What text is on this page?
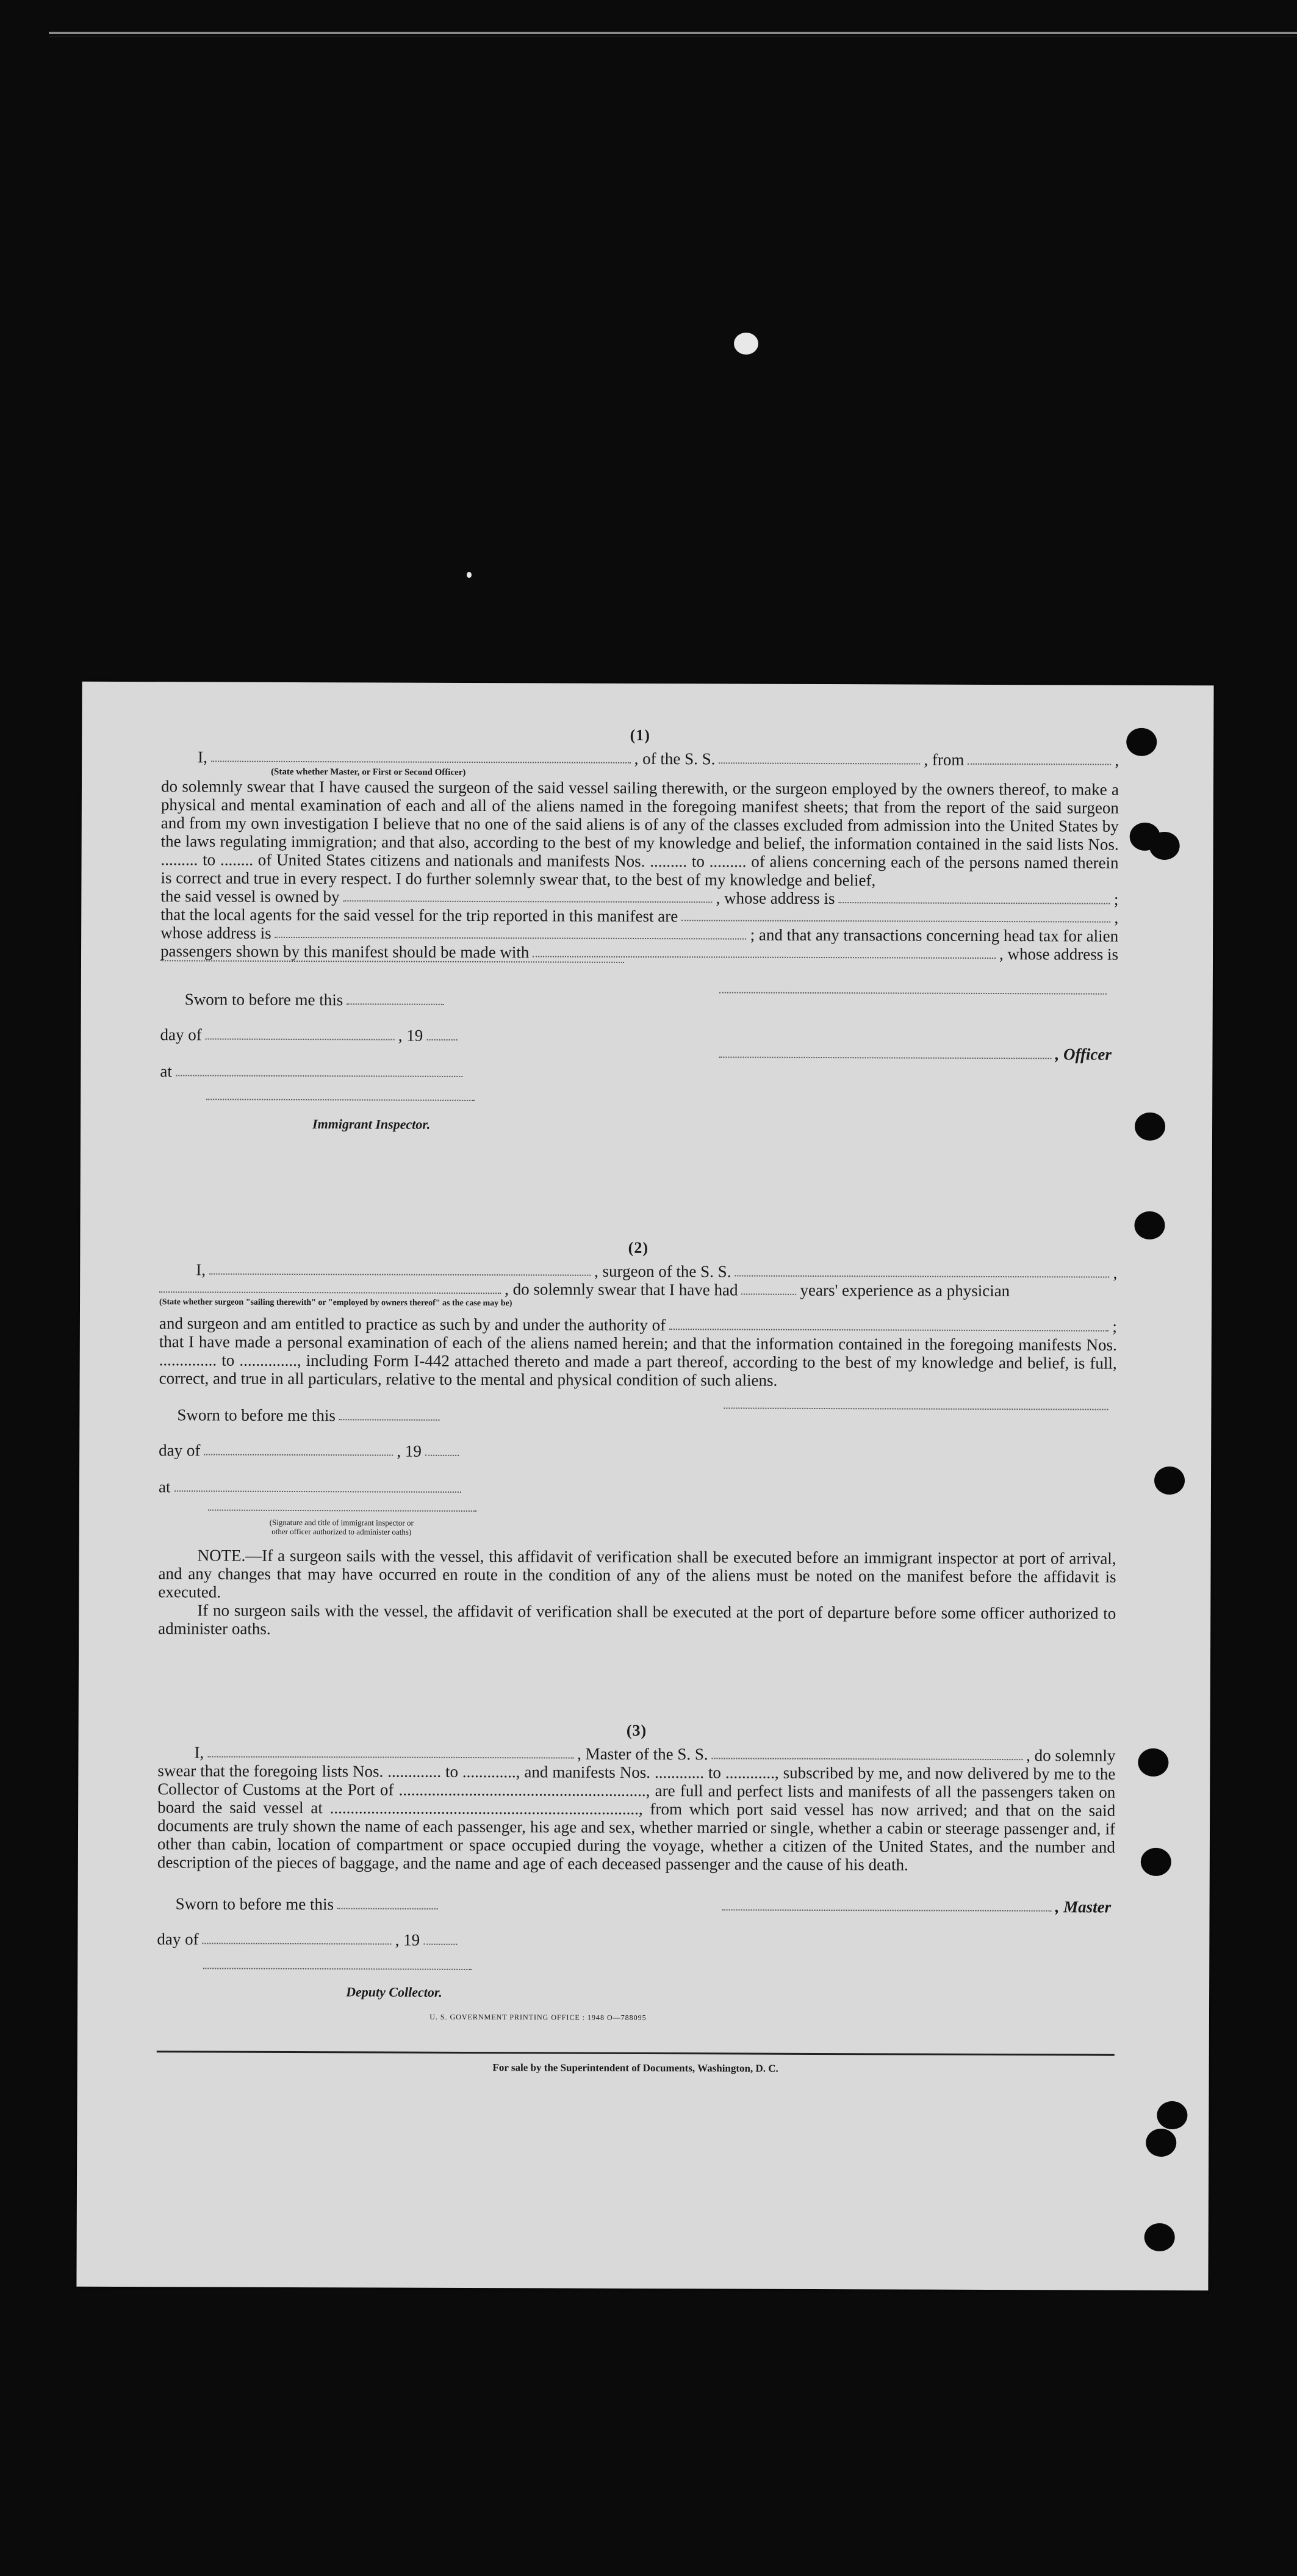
(1)
I,	, of the S. S.	, from	,
(State whether Master, or First or Second Officer)

do solemnly swear that I have caused the surgeon of the said vessel sailing therewith, or the surgeon employed by the owners thereof, to make a physical and mental examination of each and all of the aliens named in the foregoing manifest sheets; that from the report of the said surgeon and from my own investigation I believe that no one of the said aliens is of any of the classes excluded from admission into the United States by the laws regulating immigration; and that also, according to the best of my knowledge and belief, the information contained in the said lists Nos. ......... to ........ of United States citizens and nationals and manifests Nos. ......... to ......... of aliens concerning each of the persons named therein is correct and true in every respect. I do further solemnly swear that, to the best of my knowledge and belief,

the said vessel is owned by	, whose address is	;
that the local agents for the said vessel for the trip reported in this manifest are	,
whose address is	; and that any transactions concerning head tax for alien
passengers shown by this manifest should be made with	, whose address is
Sworn to before me this
day of	, 19
, Officer
at
Immigrant Inspector.
(2)
I,	, surgeon of the S. S.	,
, do solemnly swear that I have had	years' experience as a physician
(State whether surgeon "sailing therewith" or "employed by owners thereof" as the case may be)
and surgeon and am entitled to practice as such by and under the authority of	;

that I have made a personal examination of each of the aliens named herein; and that the information contained in the foregoing manifests Nos. .............. to .............., including Form I-442 attached thereto and made a part thereof, according to the best of my knowledge and belief, is full, correct, and true in all particulars, relative to the mental and physical condition of such aliens.

Sworn to before me this
day of	, 19
at
(Signature and title of immigrant inspector or
other officer authorized to administer oaths)

NOTE.—If a surgeon sails with the vessel, this affidavit of verification shall be executed before an immigrant inspector at port of arrival, and any changes that may have occurred en route in the condition of any of the aliens must be noted on the manifest before the affidavit is executed.

If no surgeon sails with the vessel, the affidavit of verification shall be executed at the port of departure before some officer authorized to administer oaths.

(3)
I,	, Master of the S. S.	, do solemnly

swear that the foregoing lists Nos. ............. to ............., and manifests Nos. ............ to ............, subscribed by me, and now delivered by me to the Collector of Customs at the Port of ............................................................, are full and perfect lists and manifests of all the passengers taken on board the said vessel at ..........................................................................., from which port said vessel has now arrived; and that on the said documents are truly shown the name of each passenger, his age and sex, whether married or single, whether a cabin or steerage passenger and, if other than cabin, location of compartment or space occupied during the voyage, whether a citizen of the United States, and the number and description of the pieces of baggage, and the name and age of each deceased passenger and the cause of his death.

Sworn to before me this	, Master
day of	, 19
Deputy Collector.
U. S. GOVERNMENT PRINTING OFFICE : 1948 O—788095
For sale by the Superintendent of Documents, Washington, D. C.
